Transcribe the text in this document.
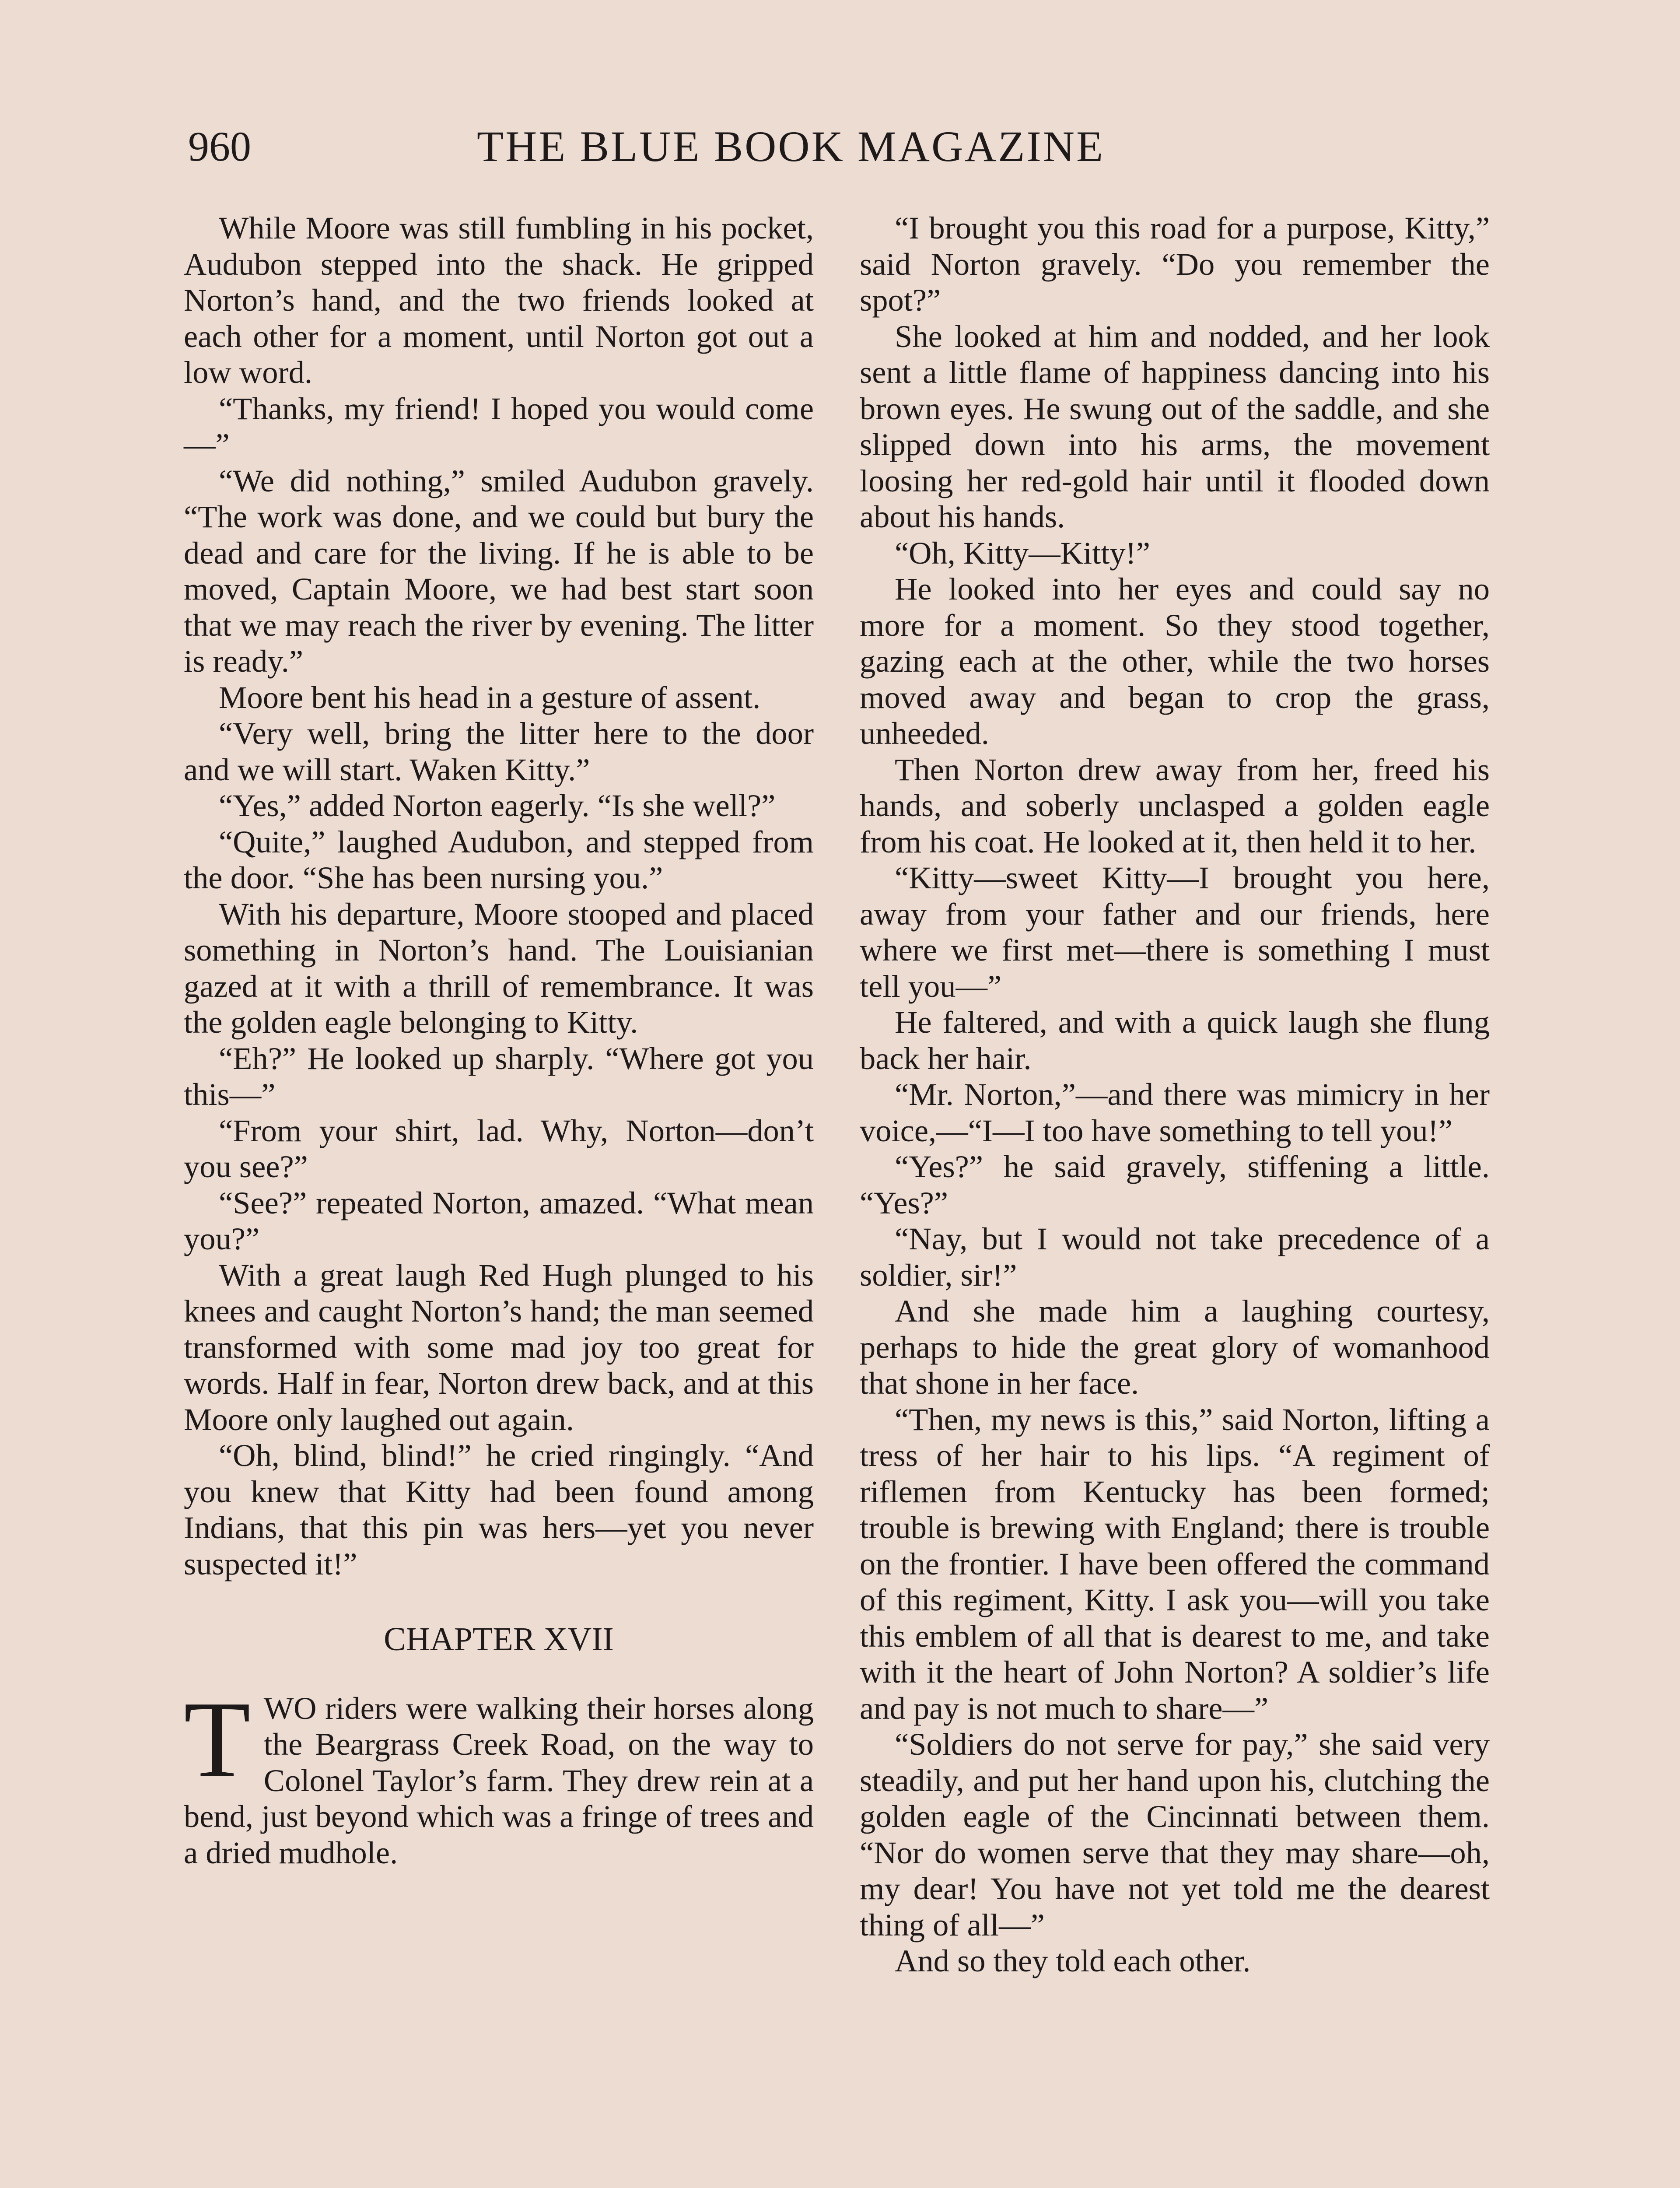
960	THE BLUE BOOK MAGAZINE

While Moore was still fumbling in his pocket, Audubon stepped into the shack. He gripped Norton’s hand, and the two friends looked at each other for a moment, until Norton got out a low word.

“Thanks, my friend! I hoped you would come—”

“We did nothing,” smiled Audubon gravely. “The work was done, and we could but bury the dead and care for the living. If he is able to be moved, Captain Moore, we had best start soon that we may reach the river by evening. The litter is ready.”

Moore bent his head in a gesture of assent.

“Very well, bring the litter here to the door and we will start. Waken Kitty.”

“Yes,” added Norton eagerly. “Is she well?”

“Quite,” laughed Audubon, and stepped from the door. “She has been nursing you.”

With his departure, Moore stooped and placed something in Norton’s hand. The Louisianian gazed at it with a thrill of remembrance. It was the golden eagle belonging to Kitty.

“Eh?” He looked up sharply. “Where got you this—”

“From your shirt, lad. Why, Norton—don’t you see?”

“See?” repeated Norton, amazed. “What mean you?”

With a great laugh Red Hugh plunged to his knees and caught Norton’s hand; the man seemed transformed with some mad joy too great for words. Half in fear, Norton drew back, and at this Moore only laughed out again.

“Oh, blind, blind!” he cried ringingly. “And you knew that Kitty had been found among Indians, that this pin was hers—yet you never suspected it!”

CHAPTER XVII

TWO riders were walking their horses along the Beargrass Creek Road, on the way to Colonel Taylor’s farm. They drew rein at a bend, just beyond which was a fringe of trees and a dried mudhole.

“I brought you this road for a purpose, Kitty,” said Norton gravely. “Do you remember the spot?”

She looked at him and nodded, and her look sent a little flame of happiness dancing into his brown eyes. He swung out of the saddle, and she slipped down into his arms, the movement loosing her red-gold hair until it flooded down about his hands.

“Oh, Kitty—Kitty!”

He looked into her eyes and could say no more for a moment. So they stood together, gazing each at the other, while the two horses moved away and began to crop the grass, unheeded.

Then Norton drew away from her, freed his hands, and soberly unclasped a golden eagle from his coat. He looked at it, then held it to her.

“Kitty—sweet Kitty—I brought you here, away from your father and our friends, here where we first met—there is something I must tell you—”

He faltered, and with a quick laugh she flung back her hair.

“Mr. Norton,”—and there was mimicry in her voice,—“I—I too have something to tell you!”

“Yes?” he said gravely, stiffening a little. “Yes?”

“Nay, but I would not take precedence of a soldier, sir!”

And she made him a laughing courtesy, perhaps to hide the great glory of womanhood that shone in her face.

“Then, my news is this,” said Norton, lifting a tress of her hair to his lips. “A regiment of riflemen from Kentucky has been formed; trouble is brewing with England; there is trouble on the frontier. I have been offered the command of this regiment, Kitty. I ask you—will you take this emblem of all that is dearest to me, and take with it the heart of John Norton? A soldier’s life and pay is not much to share—”

“Soldiers do not serve for pay,” she said very steadily, and put her hand upon his, clutching the golden eagle of the Cincinnati between them. “Nor do women serve that they may share—oh, my dear! You have not yet told me the dearest thing of all—”

And so they told each other.
